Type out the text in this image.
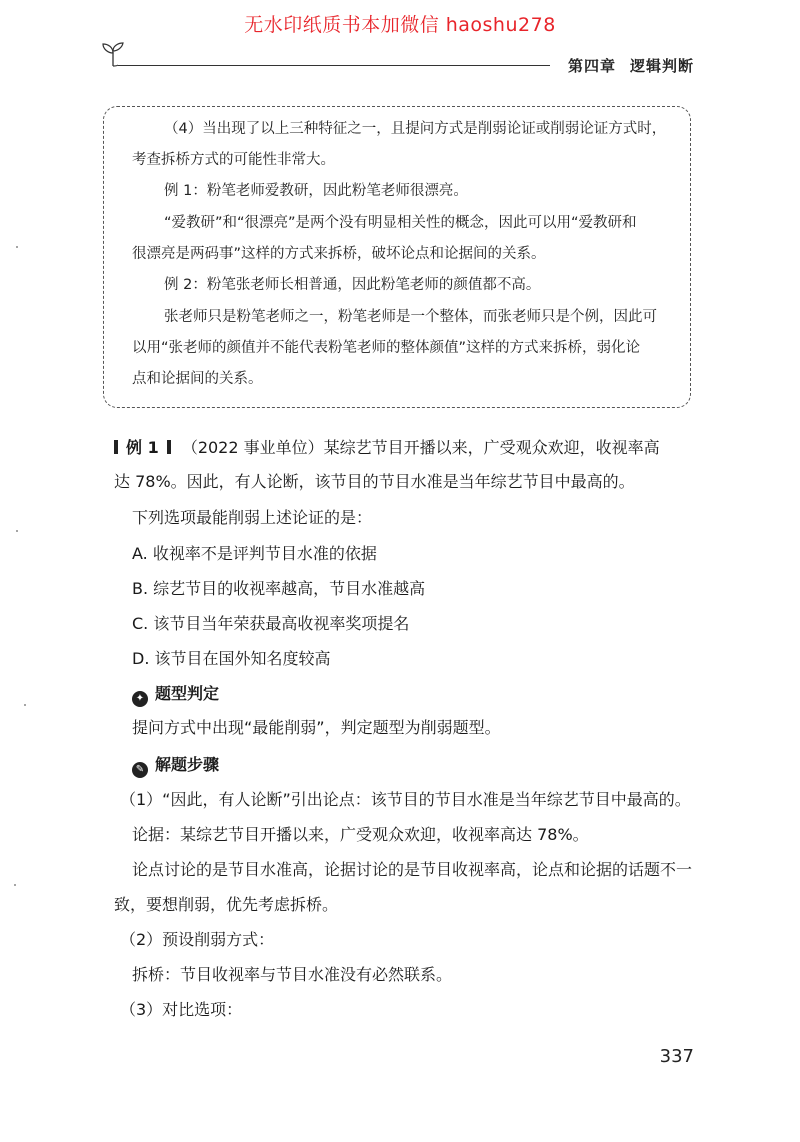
无水印纸质书本加微信 haoshu278
第四章 逻辑判断

（4）当出现了以上三种特征之一，且提问方式是削弱论证或削弱论证方式时，

考查拆桥方式的可能性非常大。

例 1：粉笔老师爱教研，因此粉笔老师很漂亮。

“爱教研”和“很漂亮”是两个没有明显相关性的概念，因此可以用“爱教研和

很漂亮是两码事”这样的方式来拆桥，破坏论点和论据间的关系。

例 2：粉笔张老师长相普通，因此粉笔老师的颜值都不高。

张老师只是粉笔老师之一，粉笔老师是一个整体，而张老师只是个例，因此可

以用“张老师的颜值并不能代表粉笔老师的整体颜值”这样的方式来拆桥，弱化论

点和论据间的关系。

例 1 （2022 事业单位）某综艺节目开播以来，广受观众欢迎，收视率高

达 78%。因此，有人论断，该节目的节目水准是当年综艺节目中最高的。

下列选项最能削弱上述论证的是：

A. 收视率不是评判节目水准的依据

B. 综艺节目的收视率越高，节目水准越高

C. 该节目当年荣获最高收视率奖项提名

D. 该节目在国外知名度较高

✦ 题型判定

提问方式中出现“最能削弱”，判定题型为削弱题型。

✎ 解题步骤

（1）“因此，有人论断”引出论点：该节目的节目水准是当年综艺节目中最高的。

论据：某综艺节目开播以来，广受观众欢迎，收视率高达 78%。

论点讨论的是节目水准高，论据讨论的是节目收视率高，论点和论据的话题不一

致，要想削弱，优先考虑拆桥。

（2）预设削弱方式：

拆桥：节目收视率与节目水准没有必然联系。

（3）对比选项：

337
